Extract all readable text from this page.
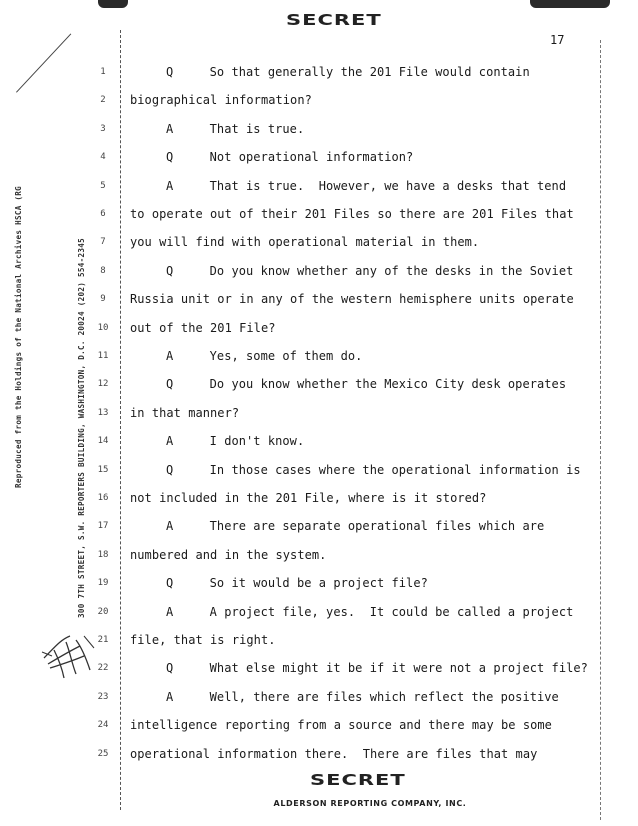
SECRET
17
Reproduced from the Holdings of the National Archives HSCA (RG	300 7TH STREET, S.W. REPORTERS BUILDING, WASHINGTON, D.C. 20024 (202) 554-2345
1	Q     So that generally the 201 File would contain
2	biographical information?
3	A     That is true.
4	Q     Not operational information?
5	A     That is true.  However, we have a desks that tend
6	to operate out of their 201 Files so there are 201 Files that
7	you will find with operational material in them.
8	Q     Do you know whether any of the desks in the Soviet
9	Russia unit or in any of the western hemisphere units operate
10	out of the 201 File?
11	A     Yes, some of them do.
12	Q     Do you know whether the Mexico City desk operates
13	in that manner?
14	A     I don't know.
15	Q     In those cases where the operational information is
16	not included in the 201 File, where is it stored?
17	A     There are separate operational files which are
18	numbered and in the system.
19	Q     So it would be a project file?
20	A     A project file, yes.  It could be called a project
21	file, that is right.
22	Q     What else might it be if it were not a project file?
23	A     Well, there are files which reflect the positive
24	intelligence reporting from a source and there may be some
25	operational information there.  There are files that may
SECRET
ALDERSON REPORTING COMPANY, INC.
